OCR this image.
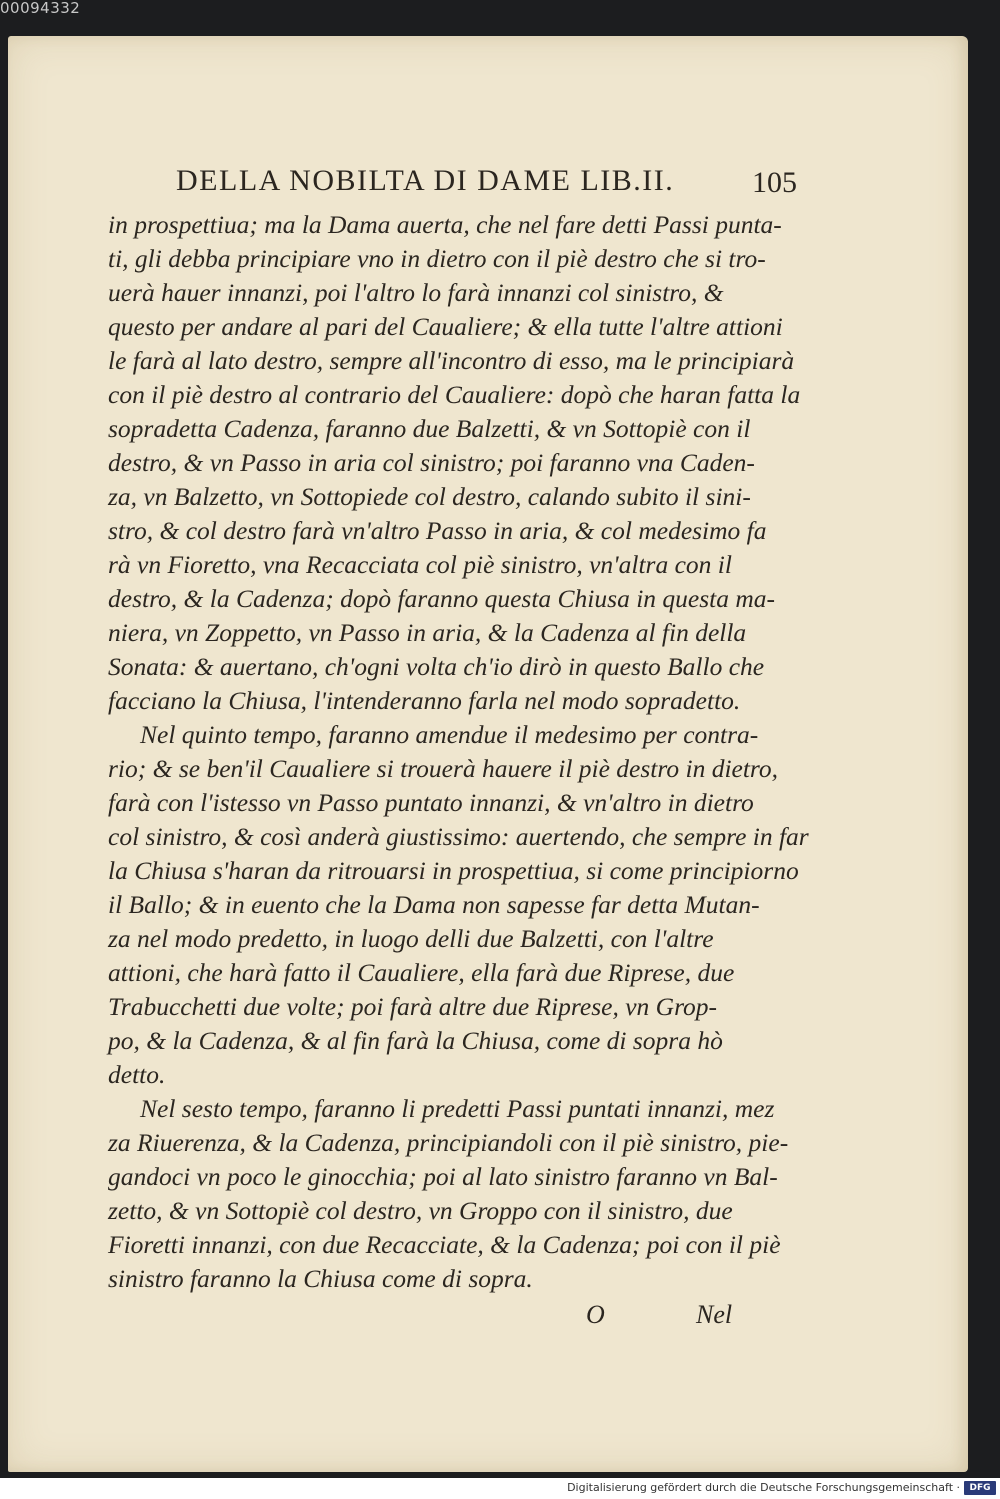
00094332
DELLA NOBILTA DI DAME LIB.II.	105
in prospettiua; ma la Dama auerta, che nel fare detti Passi punta-
ti, gli debba principiare vno in dietro con il piè destro che si tro-
uerà hauer innanzi, poi l'altro lo farà innanzi col sinistro, &
questo per andare al pari del Caualiere; & ella tutte l'altre attioni
le farà al lato destro, sempre all'incontro di esso, ma le principiarà
con il piè destro al contrario del Caualiere: dopò che haran fatta la
sopradetta Cadenza, faranno due Balzetti, & vn Sottopiè con il
destro, & vn Passo in aria col sinistro; poi faranno vna Caden-
za, vn Balzetto, vn Sottopiede col destro, calando subito il sini-
stro, & col destro farà vn'altro Passo in aria, & col medesimo fa
rà vn Fioretto, vna Recacciata col piè sinistro, vn'altra con il
destro, & la Cadenza; dopò faranno questa Chiusa in questa ma-
niera, vn Zoppetto, vn Passo in aria, & la Cadenza al fin della
Sonata: & auertano, ch'ogni volta ch'io dirò in questo Ballo che
facciano la Chiusa, l'intenderanno farla nel modo sopradetto.
Nel quinto tempo, faranno amendue il medesimo per contra-
rio; & se ben'il Caualiere si trouerà hauere il piè destro in dietro,
farà con l'istesso vn Passo puntato innanzi, & vn'altro in dietro
col sinistro, & così anderà giustissimo: auertendo, che sempre in far
la Chiusa s'haran da ritrouarsi in prospettiua, si come principiorno
il Ballo; & in euento che la Dama non sapesse far detta Mutan-
za nel modo predetto, in luogo delli due Balzetti, con l'altre
attioni, che harà fatto il Caualiere, ella farà due Riprese, due
Trabucchetti due volte; poi farà altre due Riprese, vn Grop-
po, & la Cadenza, & al fin farà la Chiusa, come di sopra hò
detto.
Nel sesto tempo, faranno li predetti Passi puntati innanzi, mez
za Riuerenza, & la Cadenza, principiandoli con il piè sinistro, pie-
gandoci vn poco le ginocchia; poi al lato sinistro faranno vn Bal-
zetto, & vn Sottopiè col destro, vn Groppo con il sinistro, due
Fioretti innanzi, con due Recacciate, & la Cadenza; poi con il piè
sinistro faranno la Chiusa come di sopra.
O	Nel
Digitalisierung gefördert durch die Deutsche Forschungsgemeinschaft ·	DFG
